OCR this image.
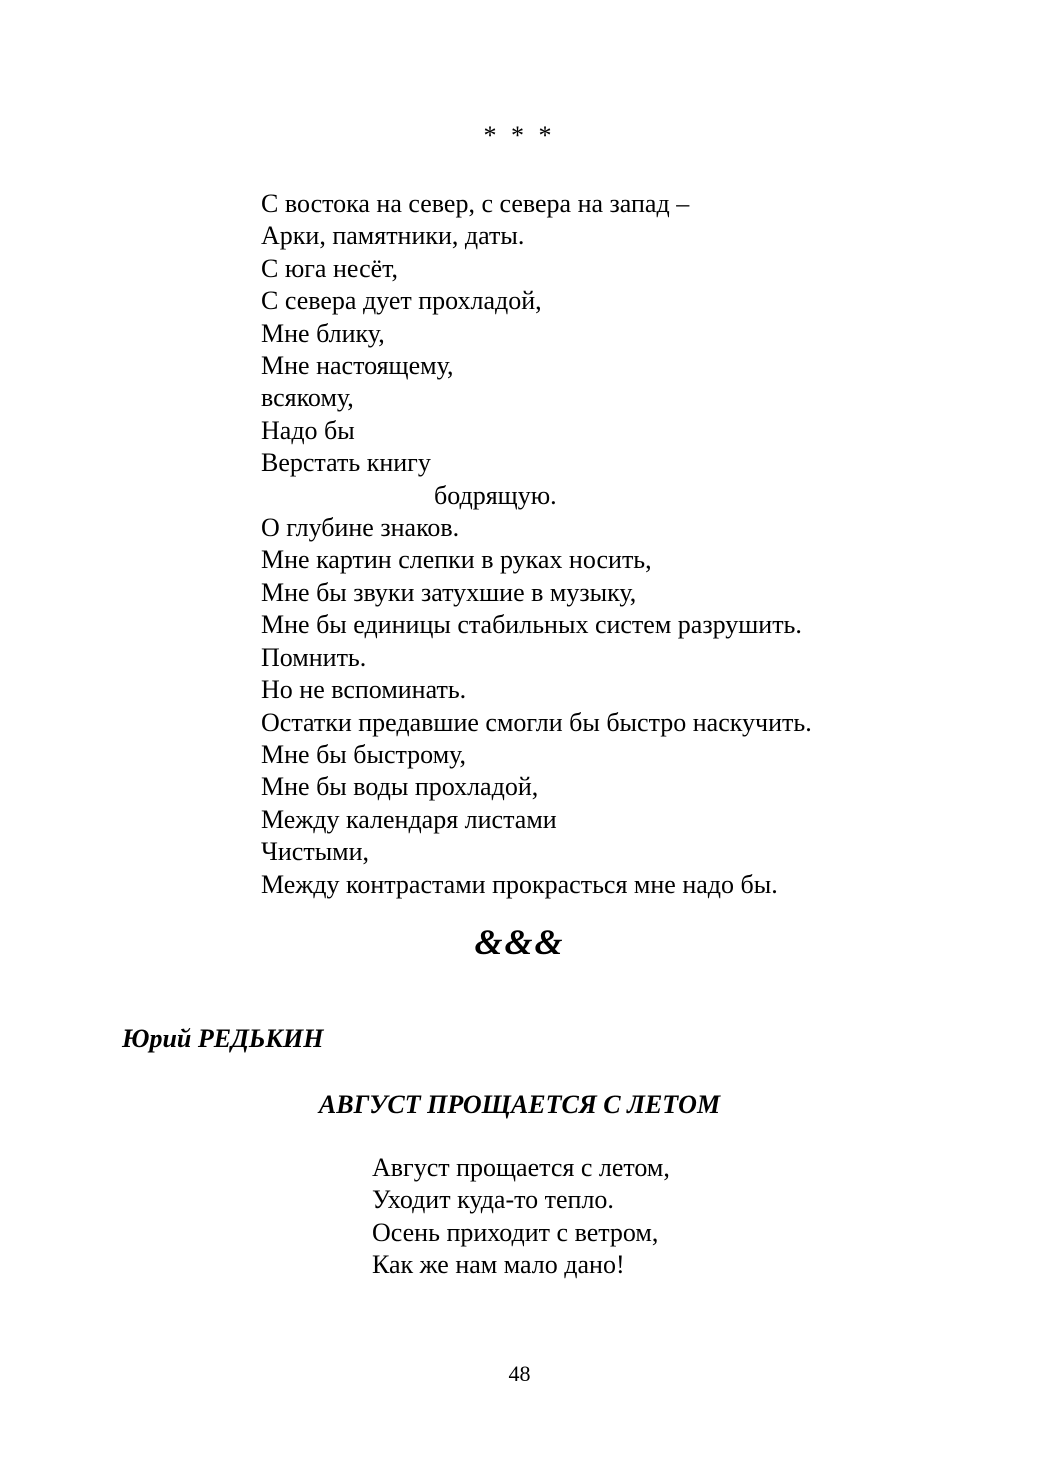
* * *
С востока на север, с севера на запад –
Арки, памятники, даты.
С юга несёт,
С севера дует прохладой,
Мне блику,
Мне настоящему,
всякому,
Надо бы
Верстать книгу
бодрящую.
О глубине знаков.
Мне картин слепки в руках носить,
Мне бы звуки затухшие в музыку,
Мне бы единицы стабильных систем разрушить.
Помнить.
Но не вспоминать.
Остатки предавшие смогли бы быстро наскучить.
Мне бы быстрому,
Мне бы воды прохладой,
Между календаря листами
Чистыми,
Между контрастами прокрасться мне надо бы.
&&&
Юрий РЕДЬКИН
АВГУСТ ПРОЩАЕТСЯ С ЛЕТОМ
Август прощается с летом,
Уходит куда-то тепло.
Осень приходит с ветром,
Как же нам мало дано!
48
